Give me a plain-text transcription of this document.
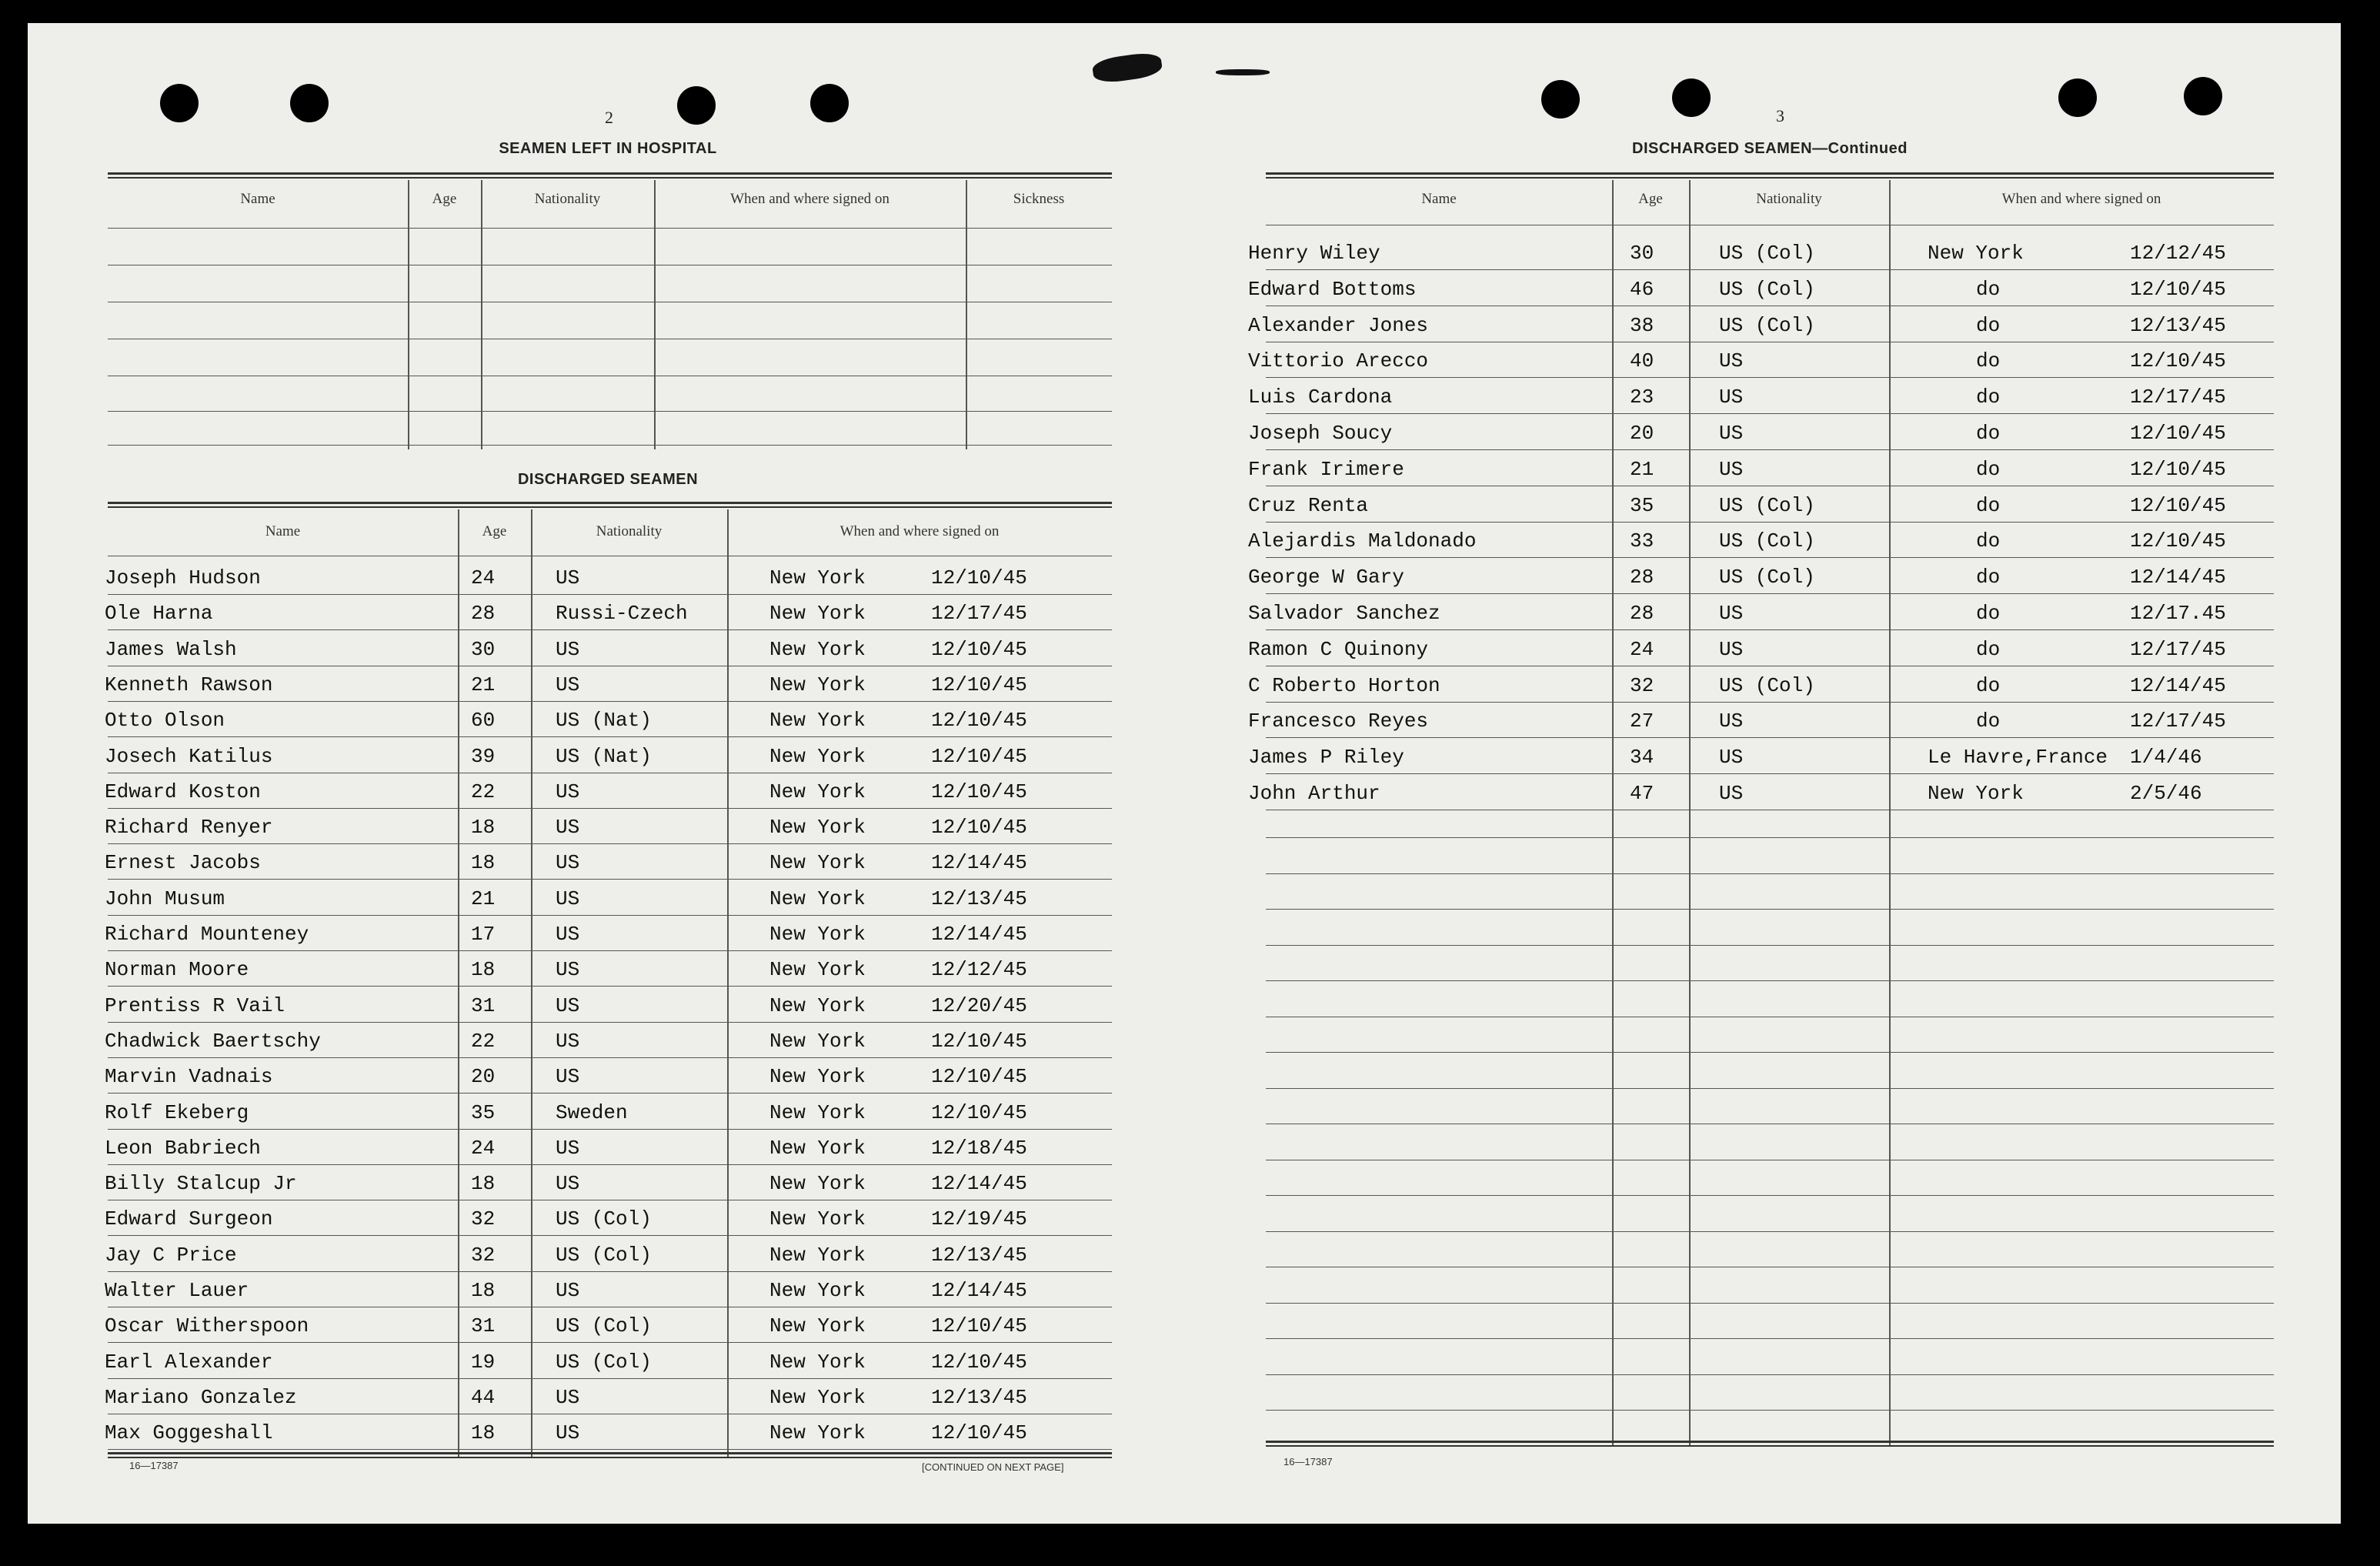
2
SEAMEN LEFT IN HOSPITAL
Name	Age	Nationality	When and where signed on	Sickness
DISCHARGED SEAMEN
Name	Age	Nationality	When and where signed on
Joseph Hudson	24	US	New York	12/10/45
Ole Harna	28	Russi-Czech	New York	12/17/45
James Walsh	30	US	New York	12/10/45
Kenneth Rawson	21	US	New York	12/10/45
Otto Olson	60	US (Nat)	New York	12/10/45
Josech Katilus	39	US (Nat)	New York	12/10/45
Edward Koston	22	US	New York	12/10/45
Richard Renyer	18	US	New York	12/10/45
Ernest Jacobs	18	US	New York	12/14/45
John Musum	21	US	New York	12/13/45
Richard Mounteney	17	US	New York	12/14/45
Norman Moore	18	US	New York	12/12/45
Prentiss R Vail	31	US	New York	12/20/45
Chadwick Baertschy	22	US	New York	12/10/45
Marvin Vadnais	20	US	New York	12/10/45
Rolf Ekeberg	35	Sweden	New York	12/10/45
Leon Babriech	24	US	New York	12/18/45
Billy Stalcup Jr	18	US	New York	12/14/45
Edward Surgeon	32	US (Col)	New York	12/19/45
Jay C Price	32	US (Col)	New York	12/13/45
Walter Lauer	18	US	New York	12/14/45
Oscar Witherspoon	31	US (Col)	New York	12/10/45
Earl Alexander	19	US (Col)	New York	12/10/45
Mariano Gonzalez	44	US	New York	12/13/45
Max Goggeshall	18	US	New York	12/10/45
16—17387	[CONTINUED ON NEXT PAGE]
3
DISCHARGED SEAMEN—Continued
Name	Age	Nationality	When and where signed on
Henry Wiley	30	US (Col)	New York	12/12/45
Edward Bottoms	46	US (Col)	do	12/10/45
Alexander Jones	38	US (Col)	do	12/13/45
Vittorio Arecco	40	US	do	12/10/45
Luis Cardona	23	US	do	12/17/45
Joseph Soucy	20	US	do	12/10/45
Frank Irimere	21	US	do	12/10/45
Cruz Renta	35	US (Col)	do	12/10/45
Alejardis Maldonado	33	US (Col)	do	12/10/45
George W Gary	28	US (Col)	do	12/14/45
Salvador Sanchez	28	US	do	12/17.45
Ramon C Quinony	24	US	do	12/17/45
C Roberto Horton	32	US (Col)	do	12/14/45
Francesco Reyes	27	US	do	12/17/45
James P Riley	34	US	Le Havre,France 1/4/46
John Arthur	47	US	New York	2/5/46
16—17387
